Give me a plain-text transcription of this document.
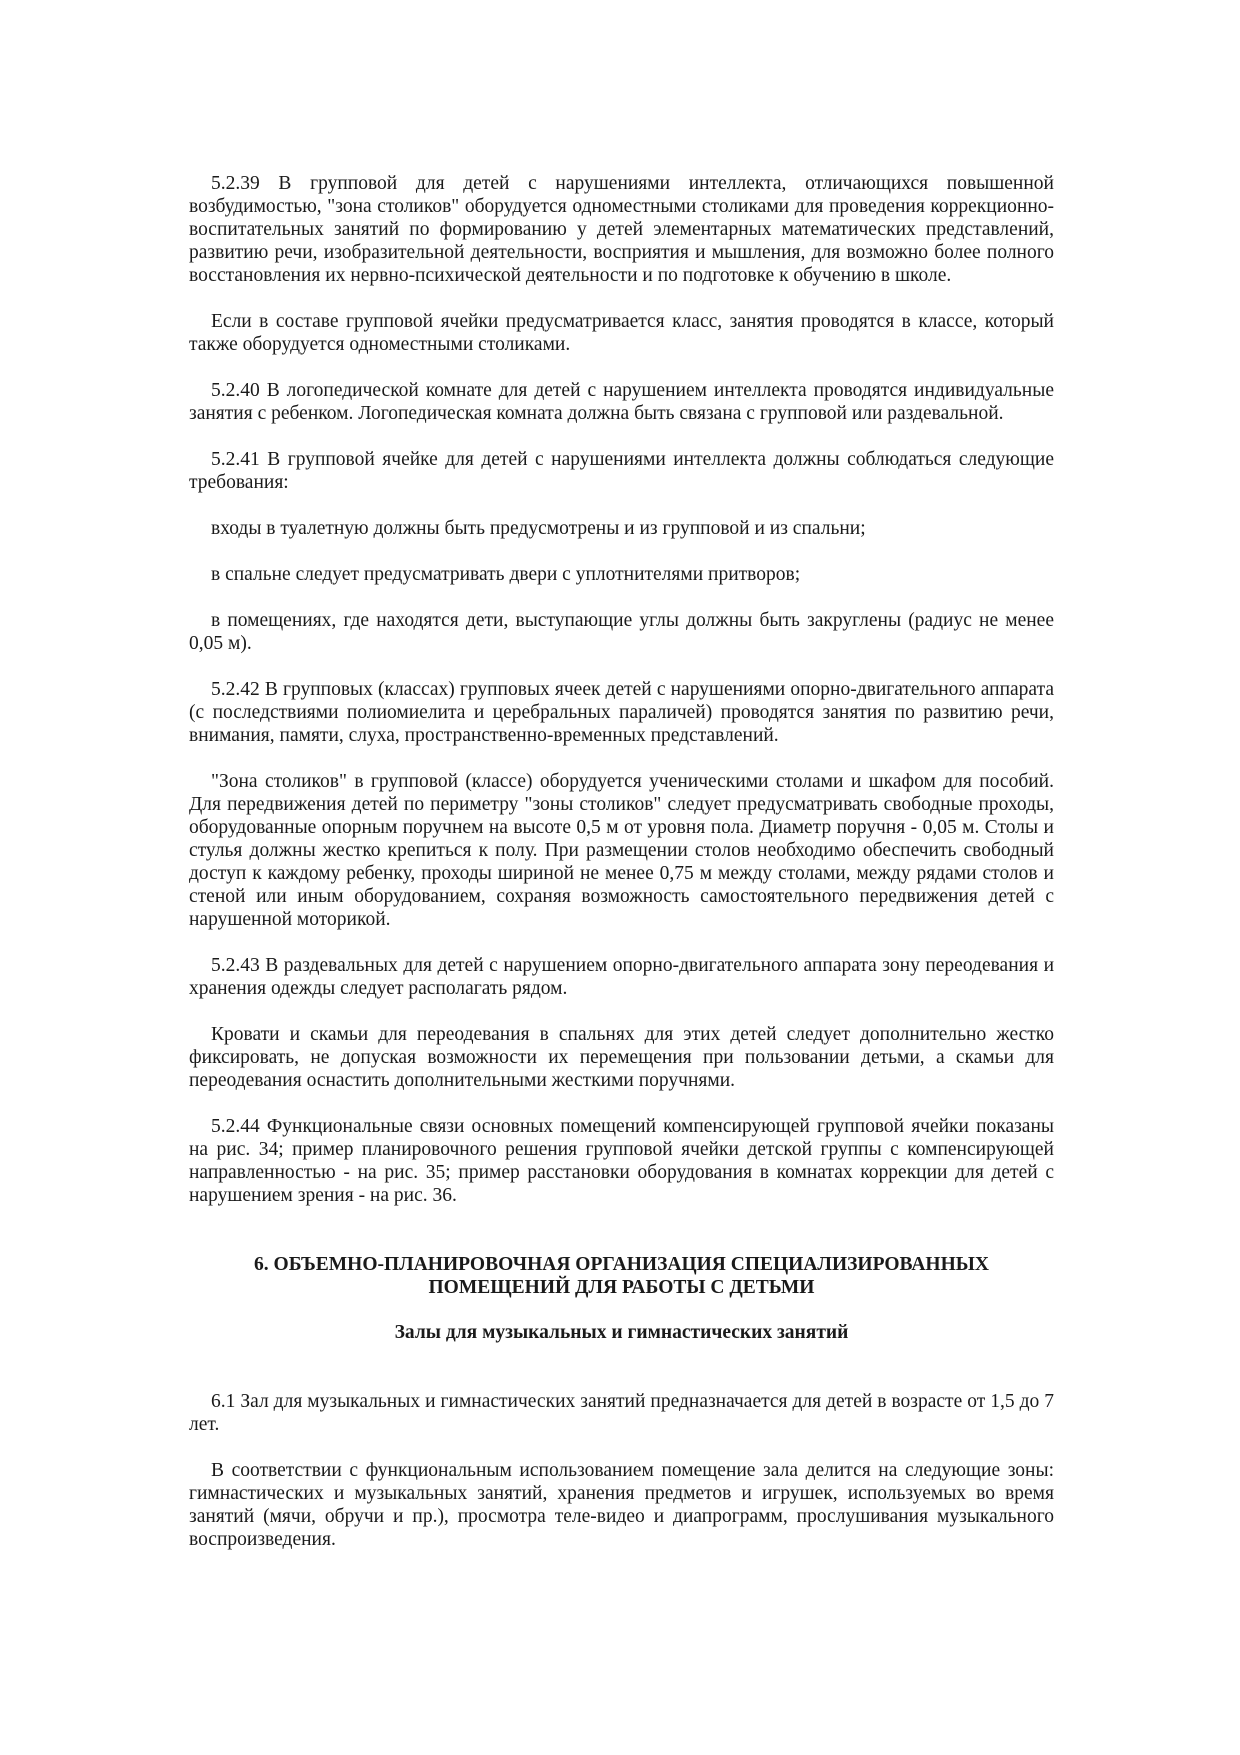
5.2.39 В групповой для детей с нарушениями интеллекта, отличающихся повышенной возбудимостью, "зона столиков" оборудуется одноместными столиками для проведения коррекционно-воспитательных занятий по формированию у детей элементарных математических представлений, развитию речи, изобразительной деятельности, восприятия и мышления, для возможно более полного восстановления их нервно-психической деятельности и по подготовке к обучению в школе.

Если в составе групповой ячейки предусматривается класс, занятия проводятся в классе, который также оборудуется одноместными столиками.

5.2.40 В логопедической комнате для детей с нарушением интеллекта проводятся индивидуальные занятия с ребенком. Логопедическая комната должна быть связана с групповой или раздевальной.

5.2.41 В групповой ячейке для детей с нарушениями интеллекта должны соблюдаться следующие требования:

входы в туалетную должны быть предусмотрены и из групповой и из спальни;

в спальне следует предусматривать двери с уплотнителями притворов;

в помещениях, где находятся дети, выступающие углы должны быть закруглены (радиус не менее 0,05 м).

5.2.42 В групповых (классах) групповых ячеек детей с нарушениями опорно-двигательного аппарата (с последствиями полиомиелита и церебральных параличей) проводятся занятия по развитию речи, внимания, памяти, слуха, пространственно-временных представлений.

"Зона столиков" в групповой (классе) оборудуется ученическими столами и шкафом для пособий. Для передвижения детей по периметру "зоны столиков" следует предусматривать свободные проходы, оборудованные опорным поручнем на высоте 0,5 м от уровня пола. Диаметр поручня - 0,05 м. Столы и стулья должны жестко крепиться к полу. При размещении столов необходимо обеспечить свободный доступ к каждому ребенку, проходы шириной не менее 0,75 м между столами, между рядами столов и стеной или иным оборудованием, сохраняя возможность самостоятельного передвижения детей с нарушенной моторикой.

5.2.43 В раздевальных для детей с нарушением опорно-двигательного аппарата зону переодевания и хранения одежды следует располагать рядом.

Кровати и скамьи для переодевания в спальнях для этих детей следует дополнительно жестко фиксировать, не допуская возможности их перемещения при пользовании детьми, а скамьи для переодевания оснастить дополнительными жесткими поручнями.

5.2.44 Функциональные связи основных помещений компенсирующей групповой ячейки показаны на рис. 34; пример планировочного решения групповой ячейки детской группы с компенсирующей направленностью - на рис. 35; пример расстановки оборудования в комнатах коррекции для детей с нарушением зрения - на рис. 36.

6. ОБЪЕМНО-ПЛАНИРОВОЧНАЯ ОРГАНИЗАЦИЯ СПЕЦИАЛИЗИРОВАННЫХ ПОМЕЩЕНИЙ ДЛЯ РАБОТЫ С ДЕТЬМИ
Залы для музыкальных и гимнастических занятий

6.1 Зал для музыкальных и гимнастических занятий предназначается для детей в возрасте от 1,5 до 7 лет.

В соответствии с функциональным использованием помещение зала делится на следующие зоны: гимнастических и музыкальных занятий, хранения предметов и игрушек, используемых во время занятий (мячи, обручи и пр.), просмотра теле-видео и диапрограмм, прослушивания музыкального воспроизведения.
